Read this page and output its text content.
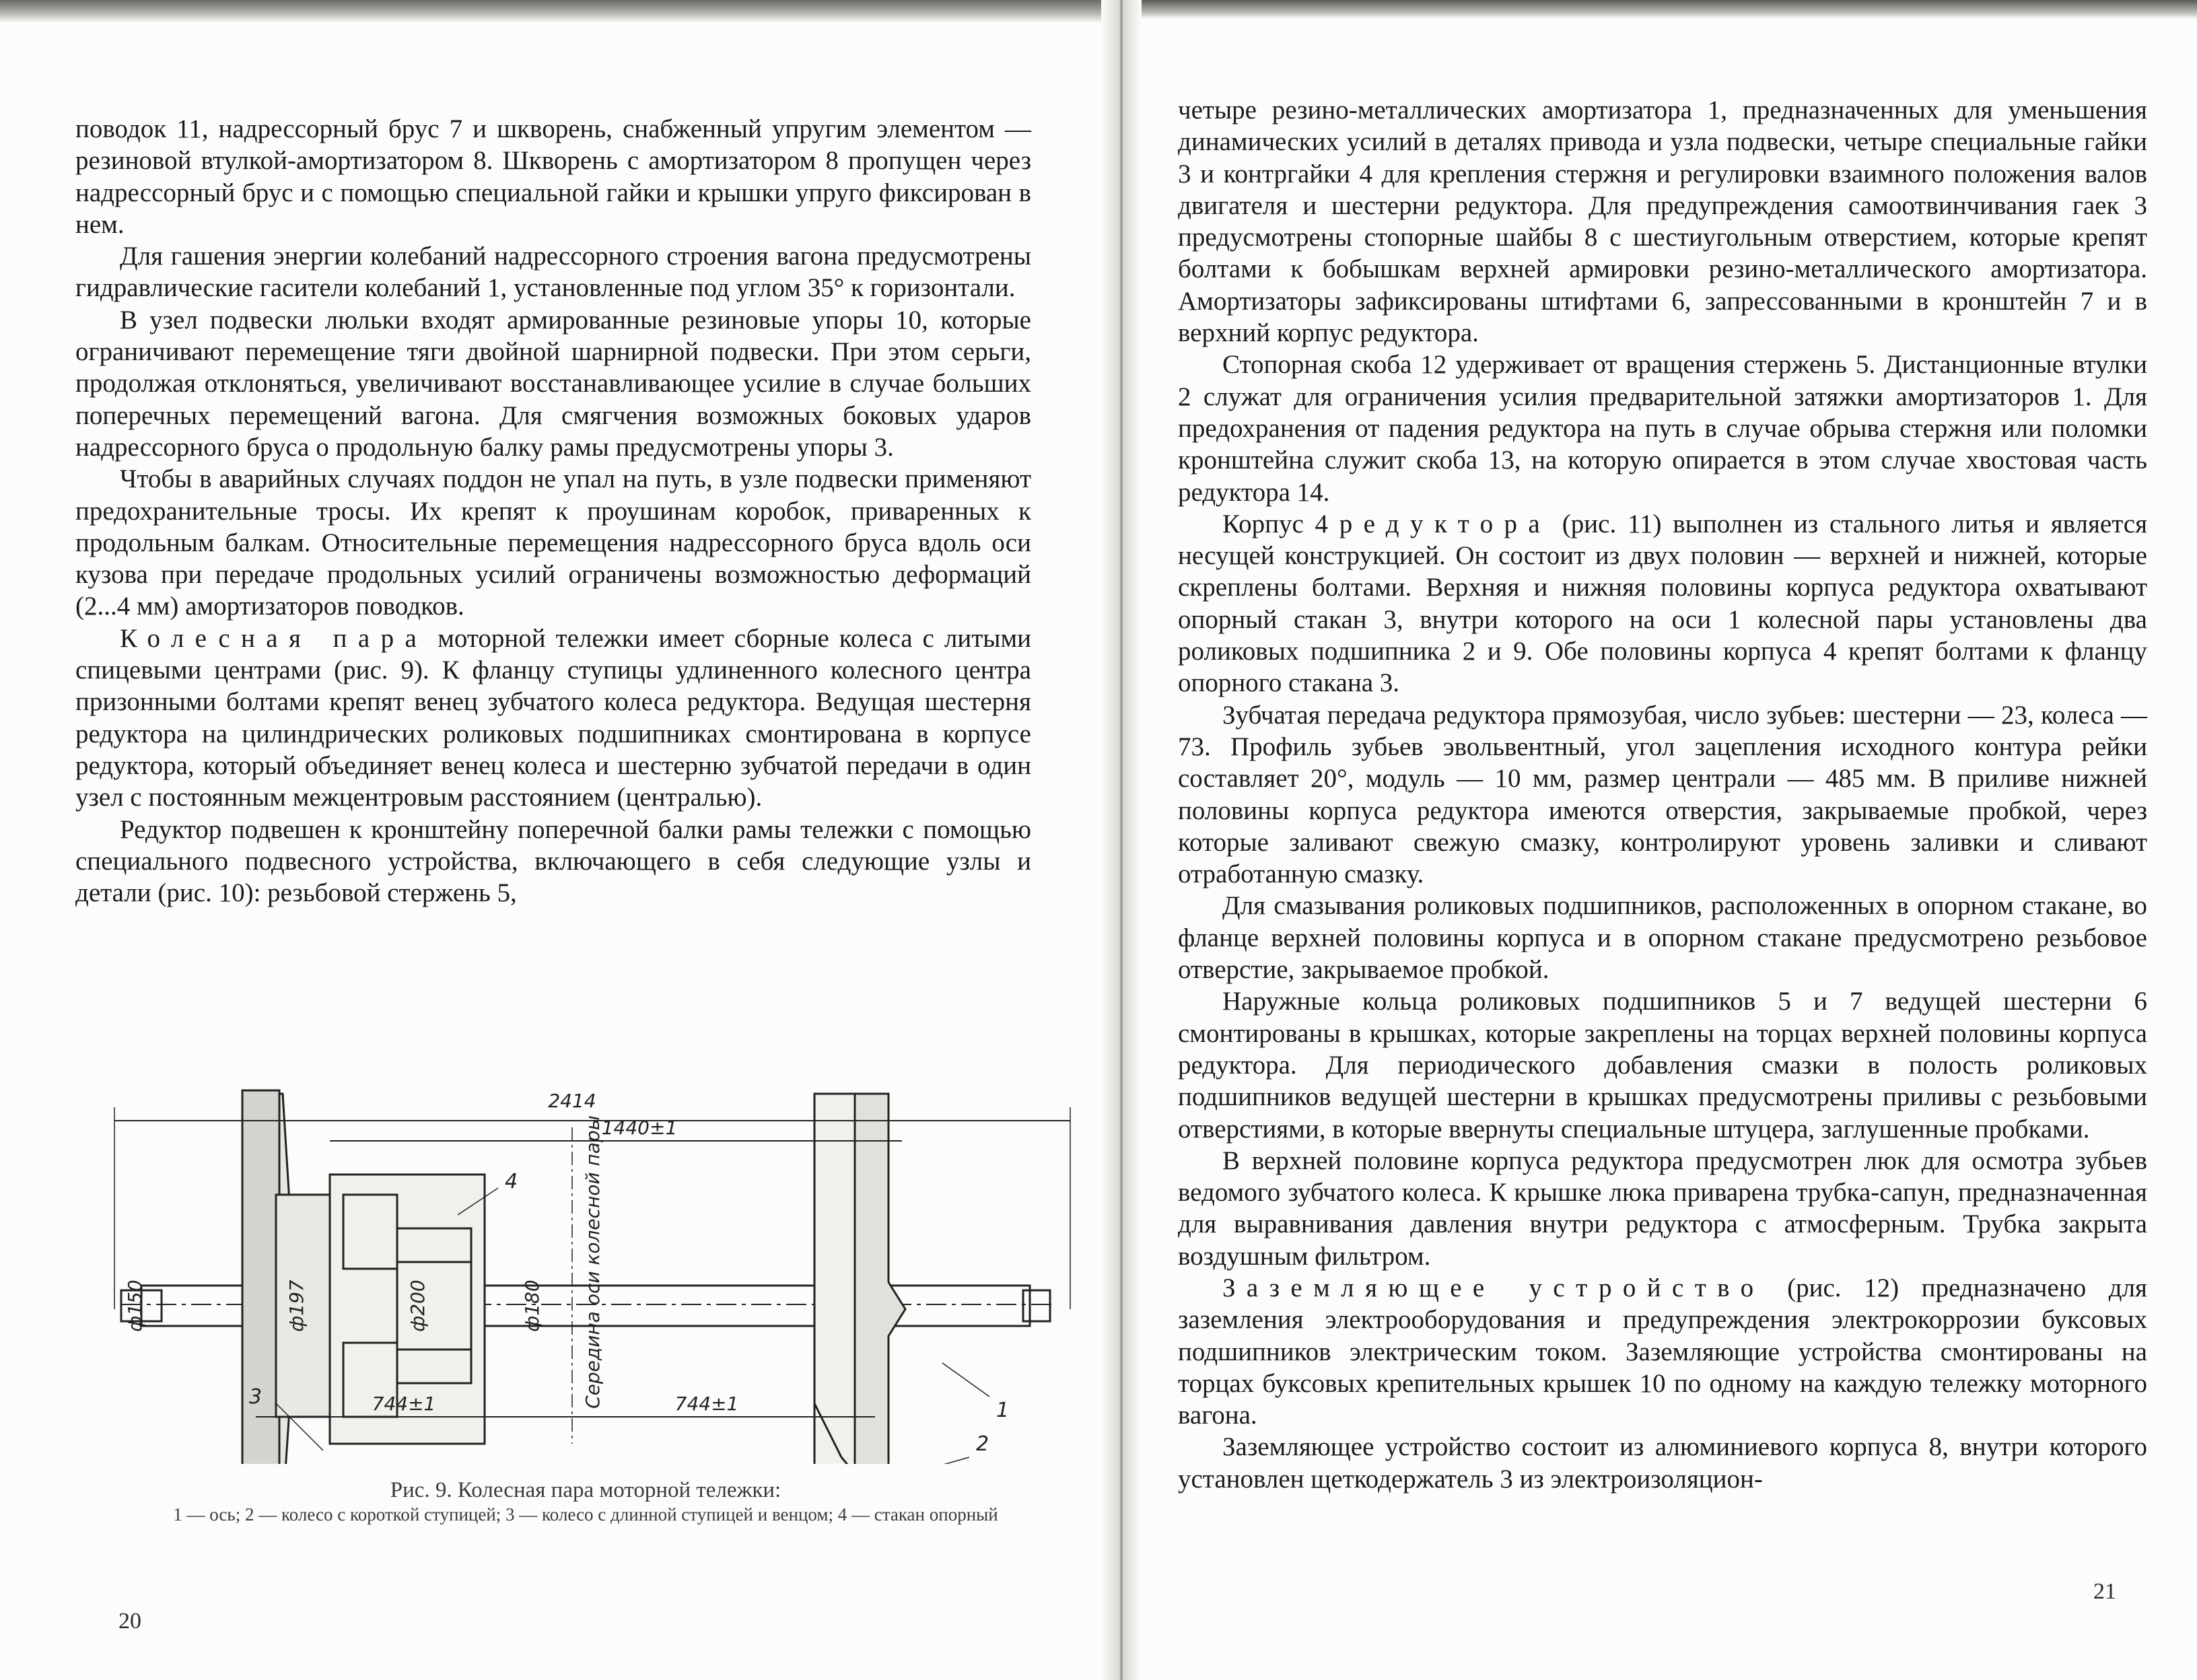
поводок 11, надрессорный брус 7 и шкворень, снабженный упругим элементом — резиновой втулкой-амортизатором 8. Шкворень с амортизатором 8 пропущен через надрессорный брус и с помощью специальной гайки и крышки упруго фиксирован в нем.

Для гашения энергии колебаний надрессорного строения вагона предусмотрены гидравлические гасители колебаний 1, установленные под углом 35° к горизонтали.

В узел подвески люльки входят армированные резиновые упоры 10, которые ограничивают перемещение тяги двойной шарнирной подвески. При этом серьги, продолжая отклоняться, увеличивают восстанавливающее усилие в случае больших поперечных перемещений вагона. Для смягчения возможных боковых ударов надрессорного бруса о продольную балку рамы предусмотрены упоры 3.

Чтобы в аварийных случаях поддон не упал на путь, в узле подвески применяют предохранительные тросы. Их крепят к проушинам коробок, приваренных к продольным балкам. Относительные перемещения надрессорного бруса вдоль оси кузова при передаче продольных усилий ограничены возможностью деформаций (2...4 мм) амортизаторов поводков.

Колесная пара моторной тележки имеет сборные колеса с литыми спицевыми центрами (рис. 9). К фланцу ступицы удлиненного колесного центра призонными болтами крепят венец зубчатого колеса редуктора. Ведущая шестерня редуктора на цилиндрических роликовых подшипниках смонтирована в корпусе редуктора, который объединяет венец колеса и шестерню зубчатой передачи в один узел с постоянным межцентровым расстоянием (централью).

Редуктор подвешен к кронштейну поперечной балки рамы тележки с помощью специального подвесного устройства, включающего в себя следующие узлы и детали (рис. 10): резьбовой стержень 5,

2414
1440±1
744±1	744±1
ф150	ф197	ф200	ф180 Середина оси колесной пары
1
2
3
4
Рис. 9. Колесная пара моторной тележки:
1 — ось; 2 — колесо с короткой ступицей; 3 — колесо с длинной ступицей и венцом; 4 — стакан опорный
20

четыре резино-металлических амортизатора 1, предназначенных для уменьшения динамических усилий в деталях привода и узла подвески, четыре специальные гайки 3 и контргайки 4 для крепления стержня и регулировки взаимного положения валов двигателя и шестерни редуктора. Для предупреждения самоотвинчивания гаек 3 предусмотрены стопорные шайбы 8 с шестиугольным отверстием, которые крепят болтами к бобышкам верхней армировки резино-металлического амортизатора. Амортизаторы зафиксированы штифтами 6, запрессованными в кронштейн 7 и в верхний корпус редуктора.

Стопорная скоба 12 удерживает от вращения стержень 5. Дистанционные втулки 2 служат для ограничения усилия предварительной затяжки амортизаторов 1. Для предохранения от падения редуктора на путь в случае обрыва стержня или поломки кронштейна служит скоба 13, на которую опирается в этом случае хвостовая часть редуктора 14.

Корпус 4 редуктора (рис. 11) выполнен из стального литья и является несущей конструкцией. Он состоит из двух половин — верхней и нижней, которые скреплены болтами. Верхняя и нижняя половины корпуса редуктора охватывают опорный стакан 3, внутри которого на оси 1 колесной пары установлены два роликовых подшипника 2 и 9. Обе половины корпуса 4 крепят болтами к фланцу опорного стакана 3.

Зубчатая передача редуктора прямозубая, число зубьев: шестерни — 23, колеса — 73. Профиль зубьев эвольвентный, угол зацепления исходного контура рейки составляет 20°, модуль — 10 мм, размер централи — 485 мм. В приливе нижней половины корпуса редуктора имеются отверстия, закрываемые пробкой, через которые заливают свежую смазку, контролируют уровень заливки и сливают отработанную смазку.

Для смазывания роликовых подшипников, расположенных в опорном стакане, во фланце верхней половины корпуса и в опорном стакане предусмотрено резьбовое отверстие, закрываемое пробкой.

Наружные кольца роликовых подшипников 5 и 7 ведущей шестерни 6 смонтированы в крышках, которые закреплены на торцах верхней половины корпуса редуктора. Для периодического добавления смазки в полость роликовых подшипников ведущей шестерни в крышках предусмотрены приливы с резьбовыми отверстиями, в которые ввернуты специальные штуцера, заглушенные пробками.

В верхней половине корпуса редуктора предусмотрен люк для осмотра зубьев ведомого зубчатого колеса. К крышке люка приварена трубка-сапун, предназначенная для выравнивания давления внутри редуктора с атмосферным. Трубка закрыта воздушным фильтром.

Заземляющее устройство (рис. 12) предназначено для заземления электрооборудования и предупреждения электрокоррозии буксовых подшипников электрическим током. Заземляющие устройства смонтированы на торцах буксовых крепительных крышек 10 по одному на каждую тележку моторного вагона.

Заземляющее устройство состоит из алюминиевого корпуса 8, внутри которого установлен щеткодержатель 3 из электроизоляцион-

21
